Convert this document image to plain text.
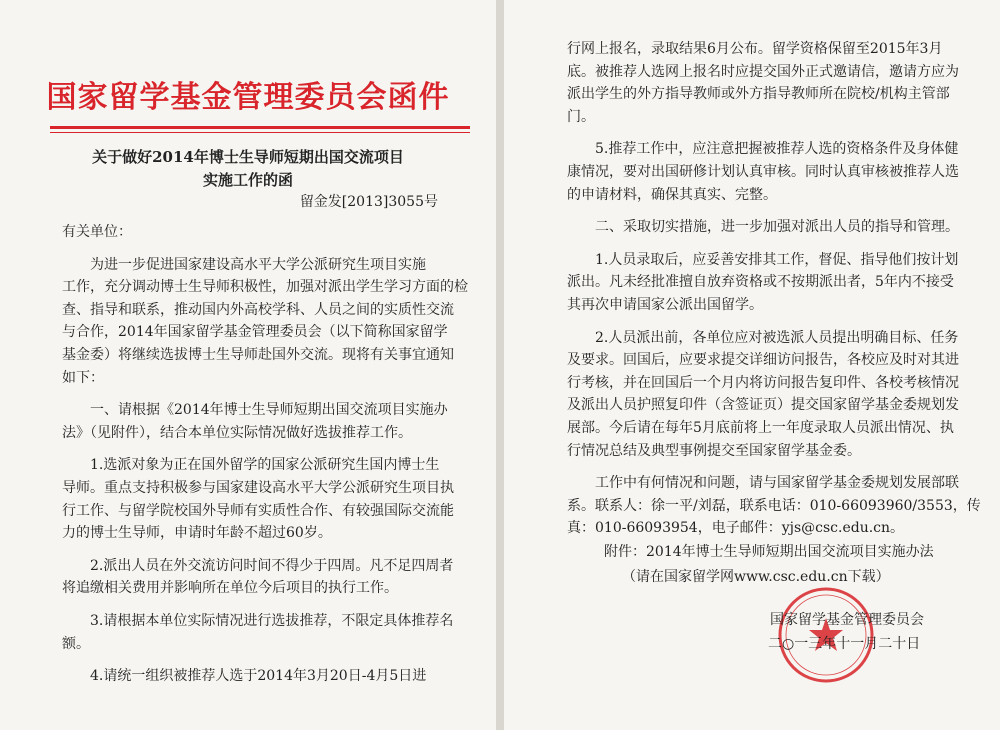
国家留学基金管理委员会函件
关于做好2014年博士生导师短期出国交流项目
实施工作的函
留金发[2013]3055号
有关单位：
　　为进一步促进国家建设高水平大学公派研究生项目实施
工作，充分调动博士生导师积极性，加强对派出学生学习方面的检
查、指导和联系，推动国内外高校学科、人员之间的实质性交流
与合作，2014年国家留学基金管理委员会（以下简称国家留学
基金委）将继续选拔博士生导师赴国外交流。现将有关事宜通知
如下：
　　一、请根据《2014年博士生导师短期出国交流项目实施办
法》（见附件），结合本单位实际情况做好选拔推荐工作。
　　1.选派对象为正在国外留学的国家公派研究生国内博士生
导师。重点支持积极参与国家建设高水平大学公派研究生项目执
行工作、与留学院校国外导师有实质性合作、有较强国际交流能
力的博士生导师，申请时年龄不超过60岁。
　　2.派出人员在外交流访问时间不得少于四周。凡不足四周者
将追缴相关费用并影响所在单位今后项目的执行工作。
　　3.请根据本单位实际情况进行选拔推荐，不限定具体推荐名
额。
　　4.请统一组织被推荐人选于2014年3月20日-4月5日进
行网上报名，录取结果6月公布。留学资格保留至2015年3月
底。被推荐人选网上报名时应提交国外正式邀请信，邀请方应为
派出学生的外方指导教师或外方指导教师所在院校/机构主管部
门。
　　5.推荐工作中，应注意把握被推荐人选的资格条件及身体健
康情况，要对出国研修计划认真审核。同时认真审核被推荐人选
的申请材料，确保其真实、完整。
　　二、采取切实措施，进一步加强对派出人员的指导和管理。
　　1.人员录取后，应妥善安排其工作，督促、指导他们按计划
派出。凡未经批准擅自放弃资格或不按期派出者，5年内不接受
其再次申请国家公派出国留学。
　　2.人员派出前，各单位应对被选派人员提出明确目标、任务
及要求。回国后，应要求提交详细访问报告，各校应及时对其进
行考核，并在回国后一个月内将访问报告复印件、各校考核情况
及派出人员护照复印件（含签证页）提交国家留学基金委规划发
展部。今后请在每年5月底前将上一年度录取人员派出情况、执
行情况总结及典型事例提交至国家留学基金委。
　　工作中有何情况和问题，请与国家留学基金委规划发展部联
系。联系人：徐一平/刘磊，联系电话：010-66093960/3553，传
真：010-66093954，电子邮件：yjs@csc.edu.cn。
附件：2014年博士生导师短期出国交流项目实施办法
（请在国家留学网www.csc.edu.cn下载）
国家留学基金管理委员会
二○一三年十一月二十日
